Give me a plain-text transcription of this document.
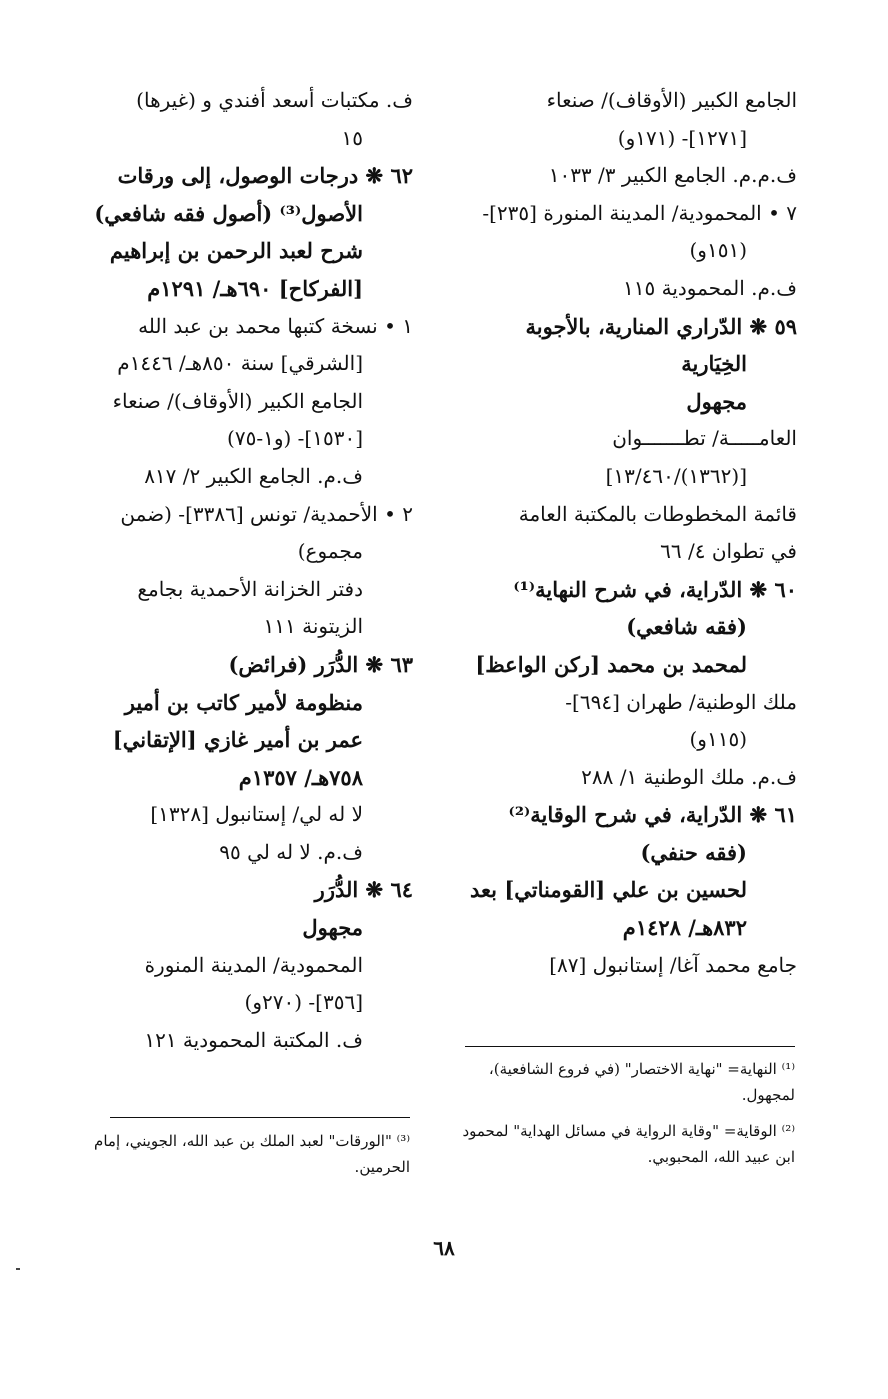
الجامع الكبير (الأوقاف)/ صنعاء
[١٢٧١]- (١٧١و)
ف.م.م. الجامع الكبير ٣/ ١٠٣٣
٧ • المحمودية/ المدينة المنورة [٢٣٥]-
(١٥١و)
ف.م. المحمودية ١١٥
٥٩ ❋ الدّراري المنارية، بالأجوبة
الخِيَارية
مجهول
العامـــــة/ تطـــــــوان
[(١٣٦٢)/١٣/٤٦٠]
قائمة المخطوطات بالمكتبة العامة
في تطوان ٤/ ٦٦
٦٠ ❋ الدّراية، في شرح النهاية⁽¹⁾
(فقه شافعي)
لمحمد بن محمد [ركن الواعظ]
ملك الوطنية/ طهران [٦٩٤]-
(١١٥و)
ف.م. ملك الوطنية ١/ ٢٨٨
٦١ ❋ الدّراية، في شرح الوقاية⁽²⁾
(فقه حنفي)
لحسين بن علي [القومناتي] بعد
٨٣٢هـ/ ١٤٢٨م
جامع محمد آغا/ إستانبول [٨٧]
ف. مكتبات أسعد أفندي و (غيرها)
١٥
٦٢ ❋ درجات الوصول، إلى ورقات
الأصول⁽³⁾ (أصول فقه شافعي)
شرح لعبد الرحمن بن إبراهيم
[الفركاح] ٦٩٠هـ/ ١٢٩١م
١ • نسخة كتبها محمد بن عبد الله
[الشرقي] سنة ٨٥٠هـ/ ١٤٤٦م
الجامع الكبير (الأوقاف)/ صنعاء
[١٥٣٠]- (و١-٧٥)
ف.م. الجامع الكبير ٢/ ٨١٧
٢ • الأحمدية/ تونس [٣٣٨٦]- (ضمن
مجموع)
دفتر الخزانة الأحمدية بجامع
الزيتونة ١١١
٦٣ ❋ الدُّرَر (فرائض)
منظومة لأمير كاتب بن أمير
عمر بن أمير غازي [الإتقاني]
٧٥٨هـ/ ١٣٥٧م
لا له لي/ إستانبول [١٣٢٨]
ف.م. لا له لي ٩٥
٦٤ ❋ الدُّرَر
مجهول
المحمودية/ المدينة المنورة
[٣٥٦]- (٢٧٠و)
ف. المكتبة المحمودية ١٢١
⁽¹⁾ النهاية= "نهاية الاختصار" (في فروع الشافعية)،
لمجهول.
⁽²⁾ الوقاية= "وقاية الرواية في مسائل الهداية" لمحمود
ابن عبيد الله، المحبوبي.
⁽³⁾ "الورقات" لعبد الملك بن عبد الله، الجويني، إمام
الحرمين.
٦٨
